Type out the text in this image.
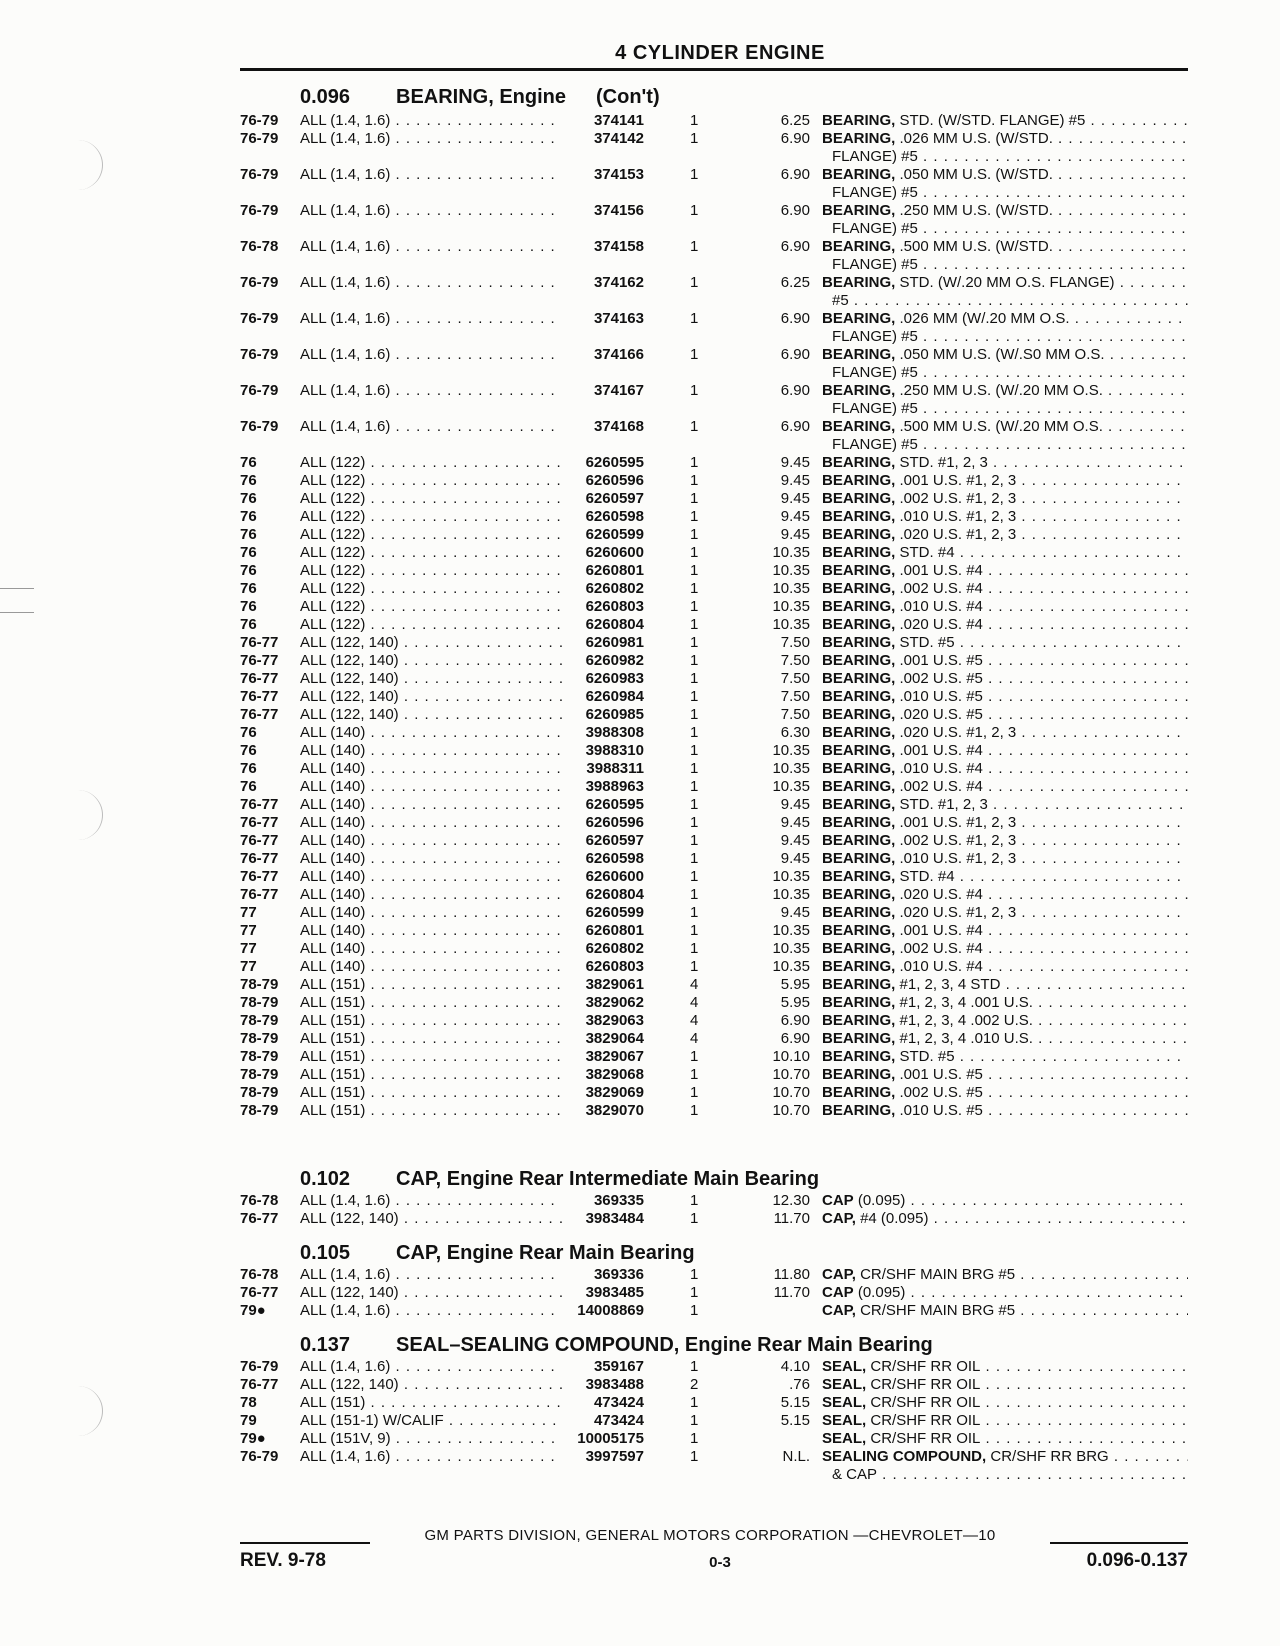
4 CYLINDER ENGINE
0.096 BEARING, Engine (Con't)
76-79 ALL (1.4, 1.6) . . .	374141	1	6.25 BEARING, STD. (W/STD. FLANGE) #5 . . .
76-79 ALL (1.4, 1.6) . . .	374142	1	6.90 BEARING, .026 MM U.S. (W/STD. . . .
FLANGE) #5 . . .
76-79 ALL (1.4, 1.6) . . .	374153	1	6.90 BEARING, .050 MM U.S. (W/STD. . . .
FLANGE) #5 . . .
76-79 ALL (1.4, 1.6) . . .	374156	1	6.90 BEARING, .250 MM U.S. (W/STD. . . .
FLANGE) #5 . . .
76-78 ALL (1.4, 1.6) . . .	374158	1	6.90 BEARING, .500 MM U.S. (W/STD. . . .
FLANGE) #5 . . .
76-79 ALL (1.4, 1.6) . . .	374162	1	6.25 BEARING, STD. (W/.20 MM O.S. FLANGE) . . .
#5 . . .
76-79 ALL (1.4, 1.6) . . .	374163	1	6.90 BEARING, .026 MM (W/.20 MM O.S. . . .
FLANGE) #5 . . .
76-79 ALL (1.4, 1.6) . . .	374166	1	6.90 BEARING, .050 MM U.S. (W/.S0 MM O.S. . . .
FLANGE) #5 . . .
76-79 ALL (1.4, 1.6) . . .	374167	1	6.90 BEARING, .250 MM U.S. (W/.20 MM O.S. . . .
FLANGE) #5 . . .
76-79 ALL (1.4, 1.6) . . .	374168	1	6.90 BEARING, .500 MM U.S. (W/.20 MM O.S. . . .
FLANGE) #5 . . .
76	ALL (122) . . .	6260595	1	9.45 BEARING, STD. #1, 2, 3 . . .
76	ALL (122) . . .	6260596	1	9.45 BEARING, .001 U.S. #1, 2, 3 . . .
76	ALL (122) . . .	6260597	1	9.45 BEARING, .002 U.S. #1, 2, 3 . . .
76	ALL (122) . . .	6260598	1	9.45 BEARING, .010 U.S. #1, 2, 3 . . .
76	ALL (122) . . .	6260599	1	9.45 BEARING, .020 U.S. #1, 2, 3 . . .
76	ALL (122) . . .	6260600	1	10.35 BEARING, STD. #4 . . .
76	ALL (122) . . .	6260801	1	10.35 BEARING, .001 U.S. #4 . . .
76	ALL (122) . . .	6260802	1	10.35 BEARING, .002 U.S. #4 . . .
76	ALL (122) . . .	6260803	1	10.35 BEARING, .010 U.S. #4 . . .
76	ALL (122) . . .	6260804	1	10.35 BEARING, .020 U.S. #4 . . .
76-77 ALL (122, 140) . . .	6260981	1	7.50 BEARING, STD. #5 . . .
76-77 ALL (122, 140) . . .	6260982	1	7.50 BEARING, .001 U.S. #5 . . .
76-77 ALL (122, 140) . . .	6260983	1	7.50 BEARING, .002 U.S. #5 . . .
76-77 ALL (122, 140) . . .	6260984	1	7.50 BEARING, .010 U.S. #5 . . .
76-77 ALL (122, 140) . . .	6260985	1	7.50 BEARING, .020 U.S. #5 . . .
76	ALL (140) . . .	3988308	1	6.30 BEARING, .020 U.S. #1, 2, 3 . . .
76	ALL (140) . . .	3988310	1	10.35 BEARING, .001 U.S. #4 . . .
76	ALL (140) . . .	3988311	1	10.35 BEARING, .010 U.S. #4 . . .
76	ALL (140) . . .	3988963	1	10.35 BEARING, .002 U.S. #4 . . .
76-77 ALL (140) . . .	6260595	1	9.45 BEARING, STD. #1, 2, 3 . . .
76-77 ALL (140) . . .	6260596	1	9.45 BEARING, .001 U.S. #1, 2, 3 . . .
76-77 ALL (140) . . .	6260597	1	9.45 BEARING, .002 U.S. #1, 2, 3 . . .
76-77 ALL (140) . . .	6260598	1	9.45 BEARING, .010 U.S. #1, 2, 3 . . .
76-77 ALL (140) . . .	6260600	1	10.35 BEARING, STD. #4 . . .
76-77 ALL (140) . . .	6260804	1	10.35 BEARING, .020 U.S. #4 . . .
77	ALL (140) . . .	6260599	1	9.45 BEARING, .020 U.S. #1, 2, 3 . . .
77	ALL (140) . . .	6260801	1	10.35 BEARING, .001 U.S. #4 . . .
77	ALL (140) . . .	6260802	1	10.35 BEARING, .002 U.S. #4 . . .
77	ALL (140) . . .	6260803	1	10.35 BEARING, .010 U.S. #4 . . .
78-79 ALL (151) . . .	3829061	4	5.95 BEARING, #1, 2, 3, 4 STD . . .
78-79 ALL (151) . . .	3829062	4	5.95 BEARING, #1, 2, 3, 4 .001 U.S. . . .
78-79 ALL (151) . . .	3829063	4	6.90 BEARING, #1, 2, 3, 4 .002 U.S. . . .
78-79 ALL (151) . . .	3829064	4	6.90 BEARING, #1, 2, 3, 4 .010 U.S. . . .
78-79 ALL (151) . . .	3829067	1	10.10 BEARING, STD. #5 . . .
78-79 ALL (151) . . .	3829068	1	10.70 BEARING, .001 U.S. #5 . . .
78-79 ALL (151) . . .	3829069	1	10.70 BEARING, .002 U.S. #5 . . .
78-79 ALL (151) . . .	3829070	1	10.70 BEARING, .010 U.S. #5 . . .
0.102 CAP, Engine Rear Intermediate Main Bearing
76-78 ALL (1.4, 1.6) . . .	369335	1	12.30 CAP (0.095) . . .
76-77 ALL (122, 140) . . .	3983484	1	11.70 CAP, #4 (0.095) . . .
0.105 CAP, Engine Rear Main Bearing
76-78 ALL (1.4, 1.6) . . .	369336	1	11.80 CAP, CR/SHF MAIN BRG #5 . . .
76-77 ALL (122, 140) . . .	3983485	1	11.70 CAP (0.095) . . .
79● ALL (1.4, 1.6) . . .	14008869	1	CAP, CR/SHF MAIN BRG #5 . . .
0.137 SEAL–SEALING COMPOUND, Engine Rear Main Bearing
76-79 ALL (1.4, 1.6) . . .	359167	1	4.10 SEAL, CR/SHF RR OIL . . .
76-77 ALL (122, 140) . . .	3983488	2	.76 SEAL, CR/SHF RR OIL . . .
78	ALL (151) . . .	473424	1	5.15 SEAL, CR/SHF RR OIL . . .
79	ALL (151-1) W/CALIF . . .	473424	1	5.15 SEAL, CR/SHF RR OIL . . .
79● ALL (151V, 9) . . .	10005175	1	SEAL, CR/SHF RR OIL . . .
76-79 ALL (1.4, 1.6) . . .	3997597	1	N.L. SEALING COMPOUND, CR/SHF RR BRG . . .
& CAP . . .
GM PARTS DIVISION, GENERAL MOTORS CORPORATION —CHEVROLET—10
REV. 9-78	0-3	0.096-0.137
